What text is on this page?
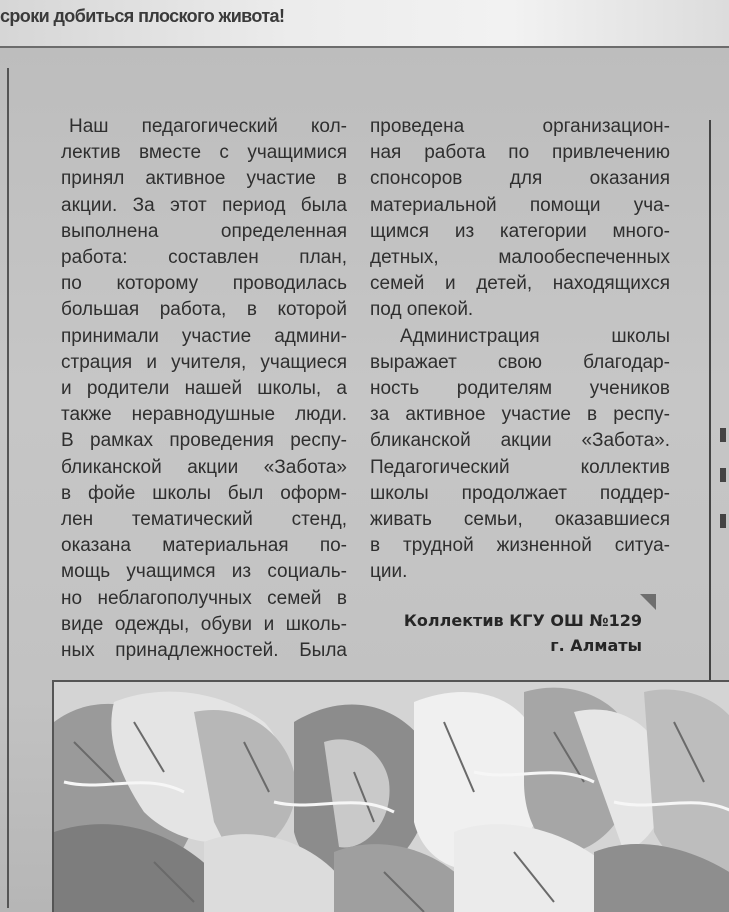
сроки добиться плоского живота!
Наш педагогический кол-
лектив вместе с учащимися
принял активное участие в
акции. За этот период была
выполнена определенная
работа: составлен план,
по которому проводилась
большая работа, в которой
принимали участие админи-
страция и учителя, учащиеся
и родители нашей школы, а
также неравнодушные люди.
В рамках проведения респу-
бликанской акции «Забота»
в фойе школы был оформ-
лен тематический стенд,
оказана материальная по-
мощь учащимся из социаль-
но неблагополучных семей в
виде одежды, обуви и школь-
ных принадлежностей. Была
проведена организацион-
ная работа по привлечению
спонсоров для оказания
материальной помощи уча-
щимся из категории много-
детных, малообеспеченных
семей и детей, находящихся
под опекой.
Администрация школы
выражает свою благодар-
ность родителям учеников
за активное участие в респу-
бликанской акции «Забота».
Педагогический коллектив
школы продолжает поддер-
живать семьи, оказавшиеся
в трудной жизненной ситуа-
ции.
Коллектив КГУ ОШ №129
г. Алматы
